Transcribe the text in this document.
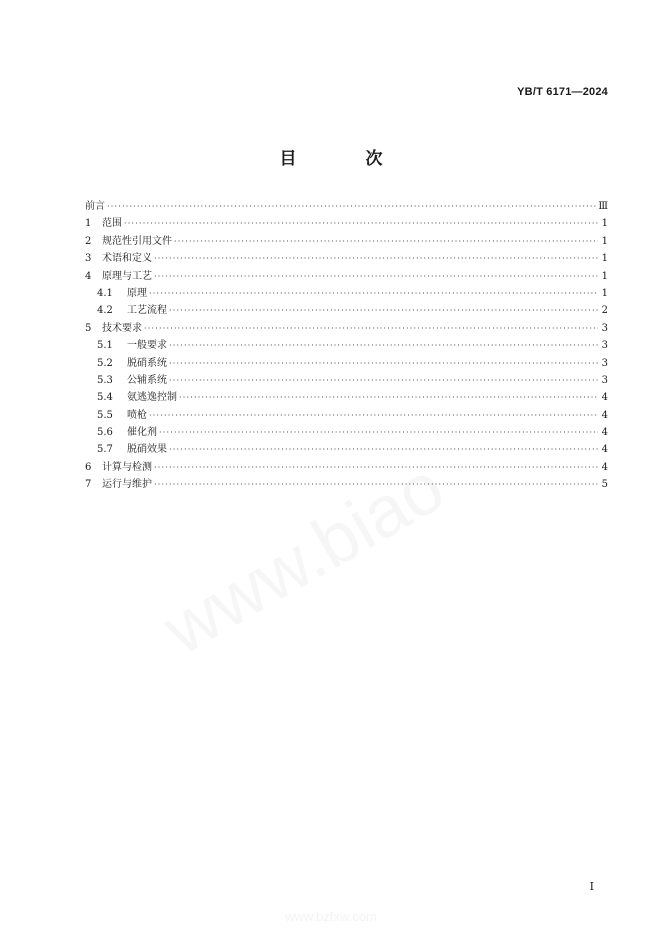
YB/T 6171—2024
目　次
前言 ·····	Ⅲ
1	范围 ·····	1
2	规范性引用文件 ·····	1
3	术语和定义 ·····	1
4	原理与工艺 ·····	1
4.1	原理 ·····	1
4.2	工艺流程 ·····	2
5	技术要求 ·····	3
5.1	一般要求 ·····	3
5.2	脱硝系统 ·····	3
5.3	公辅系统 ·····	3
5.4	氨逃逸控制 ·····	4
5.5	喷枪 ·····	4
5.6	催化剂 ·····	4
5.7	脱硝效果 ·····	4
6	计算与检测 ·····	4
7	运行与维护 ·····	5
www.bzfxw.com
Ⅰ
